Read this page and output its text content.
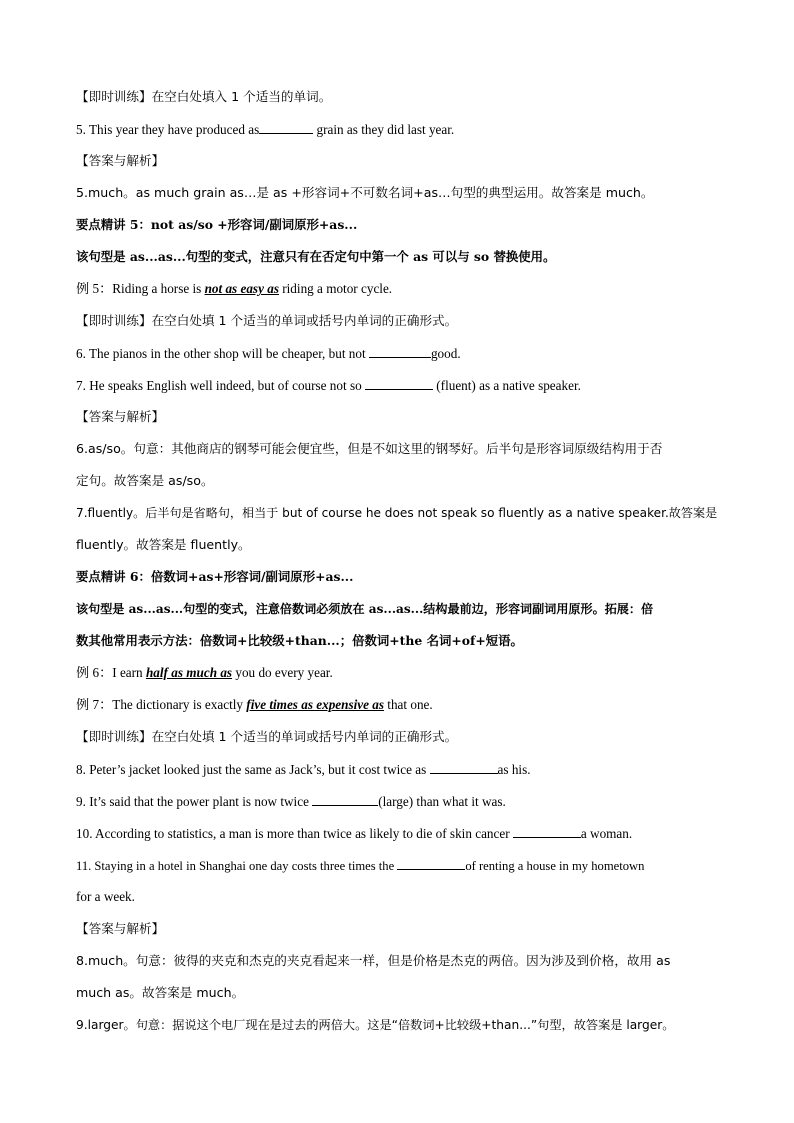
【即时训练】在空白处填入 1 个适当的单词。
5. This year they have produced as	grain as they did last year.
【答案与解析】
5.much。as much grain as…是 as +形容词+不可数名词+as…句型的典型运用。故答案是 much。
要点精讲 5：not as/so +形容词/副词原形+as...
该句型是 as...as...句型的变式，注意只有在否定句中第一个 as 可以与 so 替换使用。
例 5：Riding a horse is not as easy as riding a motor cycle.
【即时训练】在空白处填 1 个适当的单词或括号内单词的正确形式。
6. The pianos in the other shop will be cheaper, but not	good.
7. He speaks English well indeed, but of course not so	(fluent) as a native speaker.
【答案与解析】
6.as/so。句意：其他商店的钢琴可能会便宜些，但是不如这里的钢琴好。后半句是形容词原级结构用于否
定句。故答案是 as/so。
7.fluently。后半句是省略句，相当于 but of course he does not speak so fluently as a native speaker.故答案是
fluently。故答案是 fluently。
要点精讲 6：倍数词+as+形容词/副词原形+as...
该句型是 as...as...句型的变式，注意倍数词必须放在 as...as...结构最前边，形容词副词用原形。拓展：倍
数其他常用表示方法：倍数词+比较级+than...；倍数词+the 名词+of+短语。
例 6：I earn half as much as you do every year.
例 7：The dictionary is exactly five times as expensive as that one.
【即时训练】在空白处填 1 个适当的单词或括号内单词的正确形式。
8. Peter’s jacket looked just the same as Jack’s, but it cost twice as	as his.
9. It’s said that the power plant is now twice	(large) than what it was.
10. According to statistics, a man is more than twice as likely to die of skin cancer	a woman.
11. Staying in a hotel in Shanghai one day costs three times the	of renting a house in my hometown
for a week.
【答案与解析】
8.much。句意：彼得的夹克和杰克的夹克看起来一样，但是价格是杰克的两倍。因为涉及到价格，故用 as
much as。故答案是 much。
9.larger。句意：据说这个电厂现在是过去的两倍大。这是“倍数词+比较级+than...”句型，故答案是 larger。
